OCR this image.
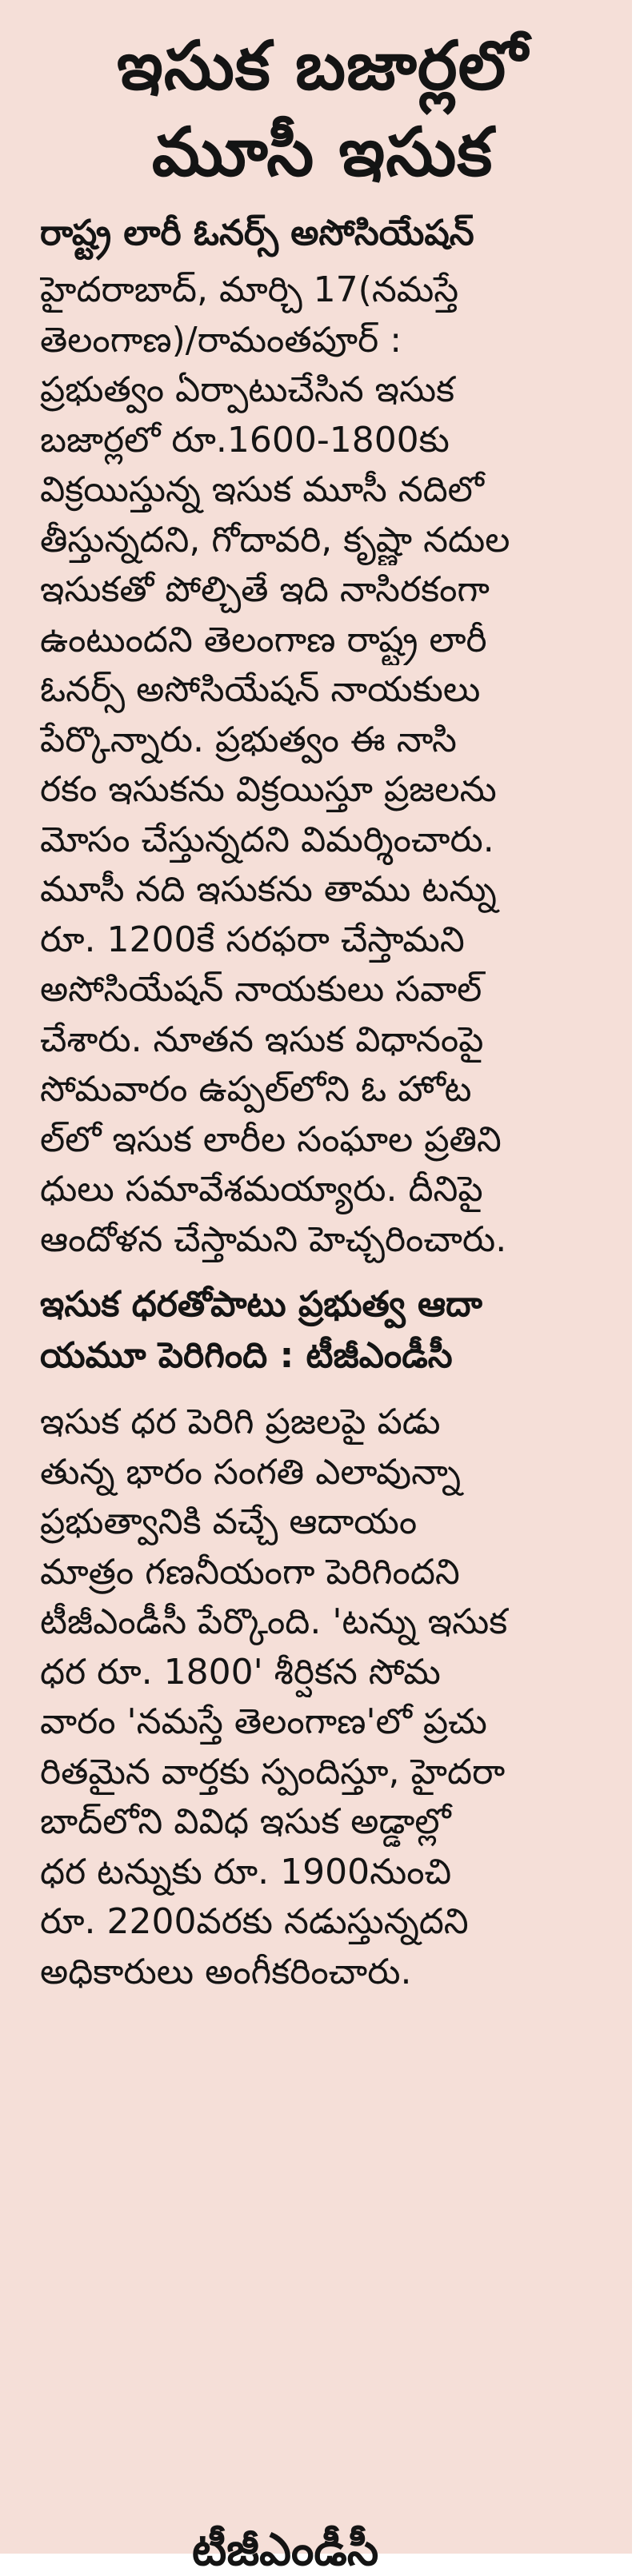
ఇసుక బజార్లలో
మూసీ ఇసుక
రాష్ట్ర లారీ ఓనర్స్ అసోసియేషన్

హైదరాబాద్, మార్చి 17(నమస్తే
తెలంగాణ)/రామంతపూర్ :
ప్రభుత్వం ఏర్పాటుచేసిన ఇసుక
బజార్లలో రూ.1600-1800కు
విక్రయిస్తున్న ఇసుక మూసీ నదిలో
తీస్తున్నదని, గోదావరి, కృష్ణా నదుల
ఇసుకతో పోల్చితే ఇది నాసిరకంగా
ఉంటుందని తెలంగాణ రాష్ట్ర లారీ
ఓనర్స్ అసోసియేషన్ నాయకులు
పేర్కొన్నారు. ప్రభుత్వం ఈ నాసి
రకం ఇసుకను విక్రయిస్తూ ప్రజలను
మోసం చేస్తున్నదని విమర్శించారు.
మూసీ నది ఇసుకను తాము టన్ను
రూ. 1200కే సరఫరా చేస్తామని
అసోసియేషన్ నాయకులు సవాల్
చేశారు. నూతన ఇసుక విధానంపై
సోమవారం ఉప్పల్‌లోని ఓ హోట
ల్‌లో ఇసుక లారీల సంఘాల ప్రతిని
ధులు సమావేశమయ్యారు. దీనిపై
ఆందోళన చేస్తామని హెచ్చరించారు.

ఇసుక ధరతోపాటు ప్రభుత్వ ఆదా
యమూ పెరిగింది : టీజీఎండీసీ

ఇసుక ధర పెరిగి ప్రజలపై పడు
తున్న భారం సంగతి ఎలావున్నా
ప్రభుత్వానికి వచ్చే ఆదాయం
మాత్రం గణనీయంగా పెరిగిందని
టీజీఎండీసీ పేర్కొంది. 'టన్ను ఇసుక
ధర రూ. 1800' శీర్షికన సోమ
వారం 'నమస్తే తెలంగాణ'లో ప్రచు
రితమైన వార్తకు స్పందిస్తూ, హైదరా
బాద్‌లోని వివిధ ఇసుక అడ్డాల్లో
ధర టన్నుకు రూ. 1900నుంచి
రూ. 2200వరకు నడుస్తున్నదని
అధికారులు అంగీకరించారు.

టీజీఎండీసీ
